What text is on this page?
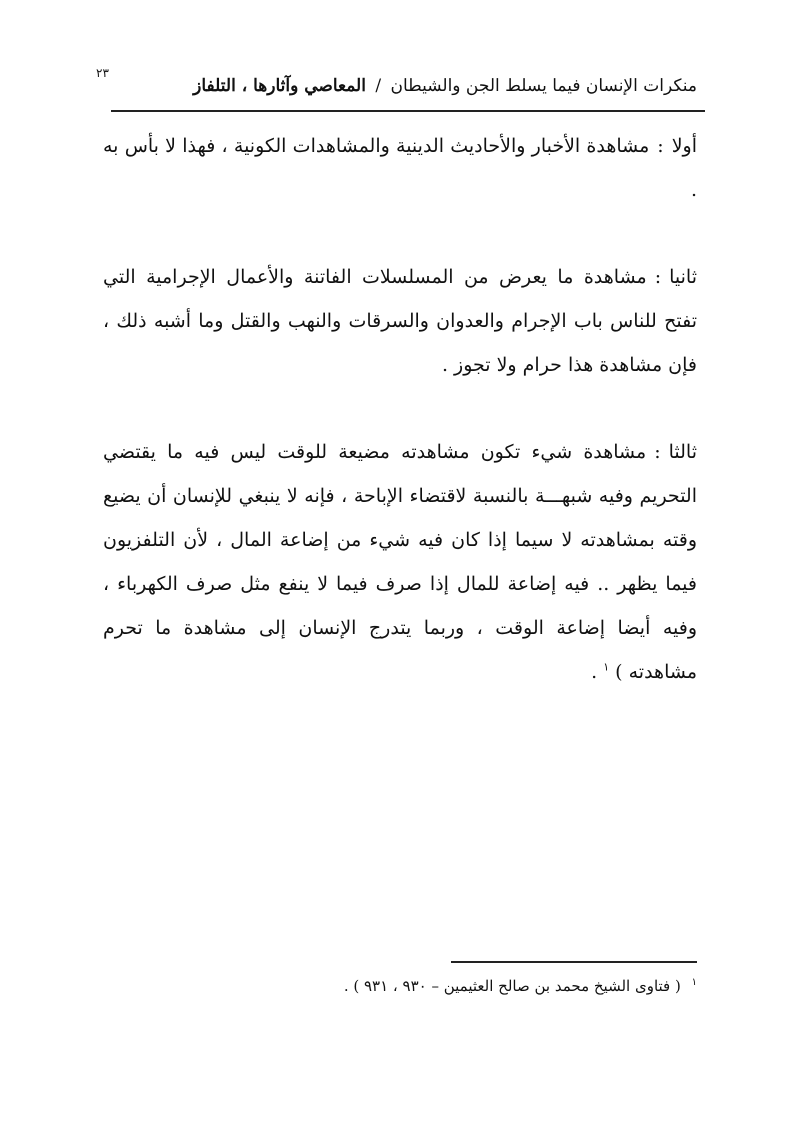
٢٣
منكرات الإنسان فيما يسلط الجن والشيطان / المعاصي وآثارها ، التلفاز

أولا:مشاهدة الأخبار والأحاديث الدينية والمشاهدات الكونية ، فهذا لا بأس به .

ثانيا:مشاهدة ما يعرض من المسلسلات الفاتنة والأعمال الإجرامية التي تفتح للناس باب الإجرام والعدوان والسرقات والنهب والقتل وما أشبه ذلك ، فإن مشاهدة هذا حرام ولا تجوز .

ثالثا:مشاهدة شيء تكون مشاهدته مضيعة للوقت ليس فيه ما يقتضي التحريم وفيه شبهـــة بالنسبة لاقتضاء الإباحة ، فإنه لا ينبغي للإنسان أن يضيع وقته بمشاهدته لا سيما إذا كان فيه شيء من إضاعة المال ، لأن التلفزيون فيما يظهر .. فيه إضاعة للمال إذا صرف فيما لا ينفع مثل صرف الكهرباء ، وفيه أيضا إضاعة الوقت ، وربما يتدرج الإنسان إلى مشاهدة ما تحرم مشاهدته ) $^١$ .

$^١$ ( فتاوى الشيخ محمد بن صالح العثيمين – ٩٣٠ ، ٩٣١ ) .
